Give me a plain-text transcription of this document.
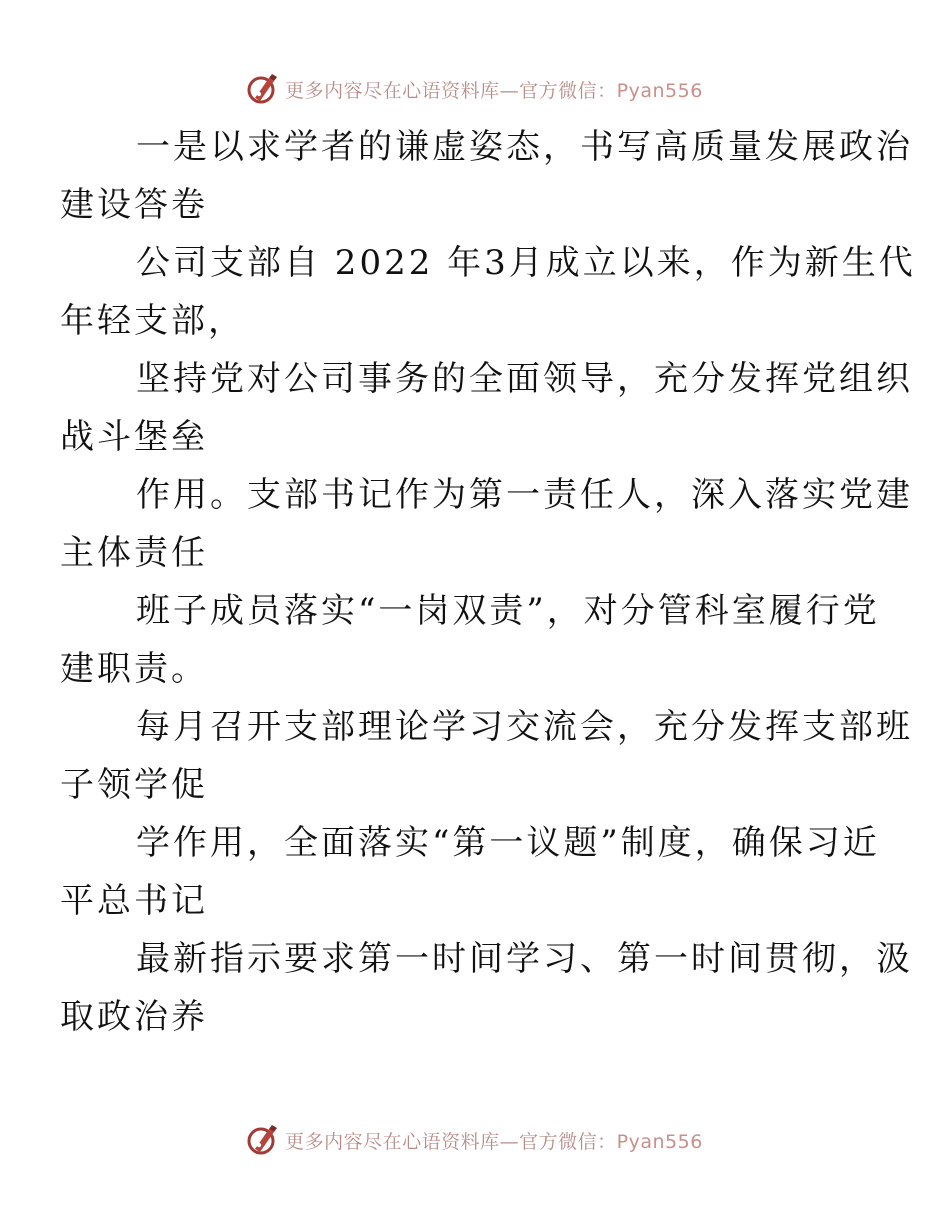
更多内容尽在心语资料库—官方微信：Pyan556

一是以求学者的谦虚姿态，书写高质量发展政治
建设答卷

公司支部自 2022 年3月成立以来，作为新生代
年轻支部，

坚持党对公司事务的全面领导，充分发挥党组织
战斗堡垒

作用。支部书记作为第一责任人，深入落实党建
主体责任

班子成员落实“一岗双责”，对分管科室履行党
建职责。

每月召开支部理论学习交流会，充分发挥支部班
子领学促

学作用，全面落实“第一议题”制度，确保习近
平总书记

最新指示要求第一时间学习、第一时间贯彻，汲
取政治养

更多内容尽在心语资料库—官方微信：Pyan556
